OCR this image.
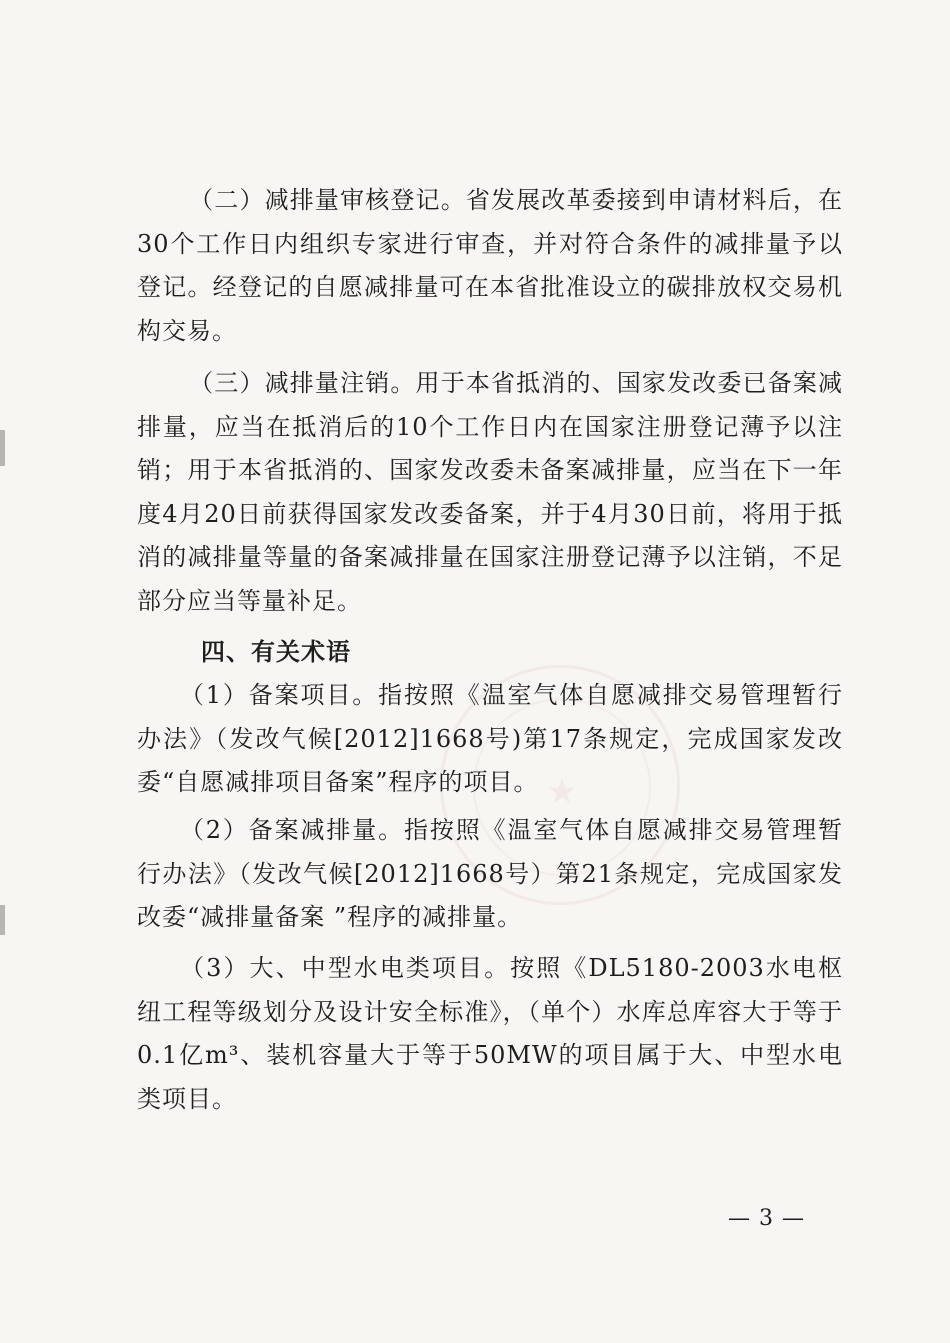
★

（二）减排量审核登记。省发展改革委接到申请材料后，在30个工作日内组织专家进行审查，并对符合条件的减排量予以登记。经登记的自愿减排量可在本省批准设立的碳排放权交易机构交易。

（三）减排量注销。用于本省抵消的、国家发改委已备案减排量，应当在抵消后的10个工作日内在国家注册登记薄予以注销；用于本省抵消的、国家发改委未备案减排量，应当在下一年度4月20日前获得国家发改委备案，并于4月30日前，将用于抵消的减排量等量的备案减排量在国家注册登记薄予以注销，不足部分应当等量补足。

四、有关术语

（1）备案项目。指按照《温室气体自愿减排交易管理暂行办法》（发改气候[2012]1668号)第17条规定，完成国家发改委“自愿减排项目备案”程序的项目。

（2）备案减排量。指按照《温室气体自愿减排交易管理暂行办法》（发改气候[2012]1668号）第21条规定，完成国家发改委“减排量备案 ”程序的减排量。

（3）大、中型水电类项目。按照《DL5180-2003水电枢纽工程等级划分及设计安全标准》，（单个）水库总库容大于等于0.1亿m³、装机容量大于等于50MW的项目属于大、中型水电类项目。

— 3 —
